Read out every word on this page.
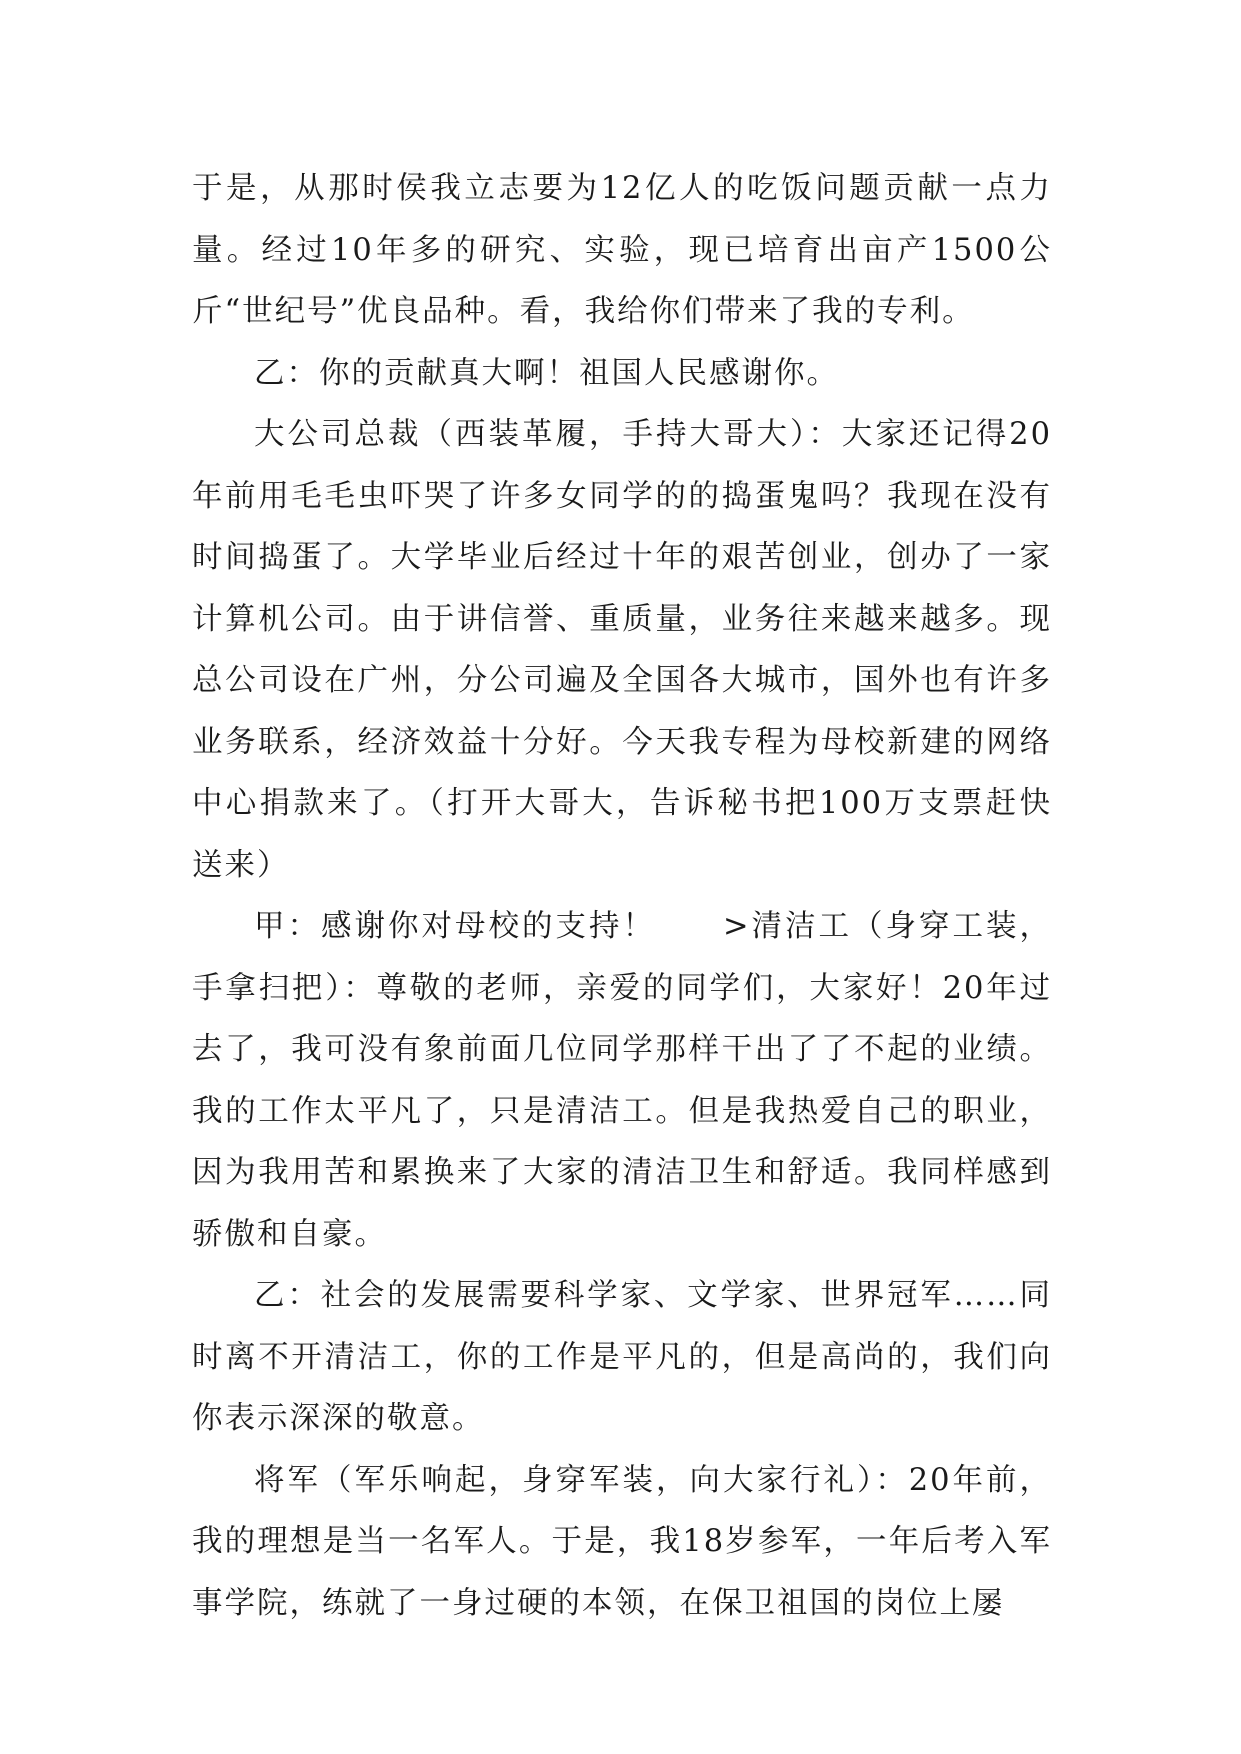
于是，从那时侯我立志要为12亿人的吃饭问题贡献一点力量。经过10年多的研究、实验，现已培育出亩产1500公斤“世纪号”优良品种。看，我给你们带来了我的专利。

乙：你的贡献真大啊！祖国人民感谢你。

大公司总裁（西装革履，手持大哥大）：大家还记得20年前用毛毛虫吓哭了许多女同学的的捣蛋鬼吗？我现在没有时间捣蛋了。大学毕业后经过十年的艰苦创业，创办了一家计算机公司。由于讲信誉、重质量，业务往来越来越多。现总公司设在广州，分公司遍及全国各大城市，国外也有许多业务联系，经济效益十分好。今天我专程为母校新建的网络中心捐款来了。（打开大哥大，告诉秘书把100万支票赶快送来）

甲：感谢你对母校的支持！　　>清洁工（身穿工装，手拿扫把）：尊敬的老师，亲爱的同学们，大家好！20年过去了，我可没有象前面几位同学那样干出了了不起的业绩。我的工作太平凡了，只是清洁工。但是我热爱自己的职业，因为我用苦和累换来了大家的清洁卫生和舒适。我同样感到骄傲和自豪。

乙：社会的发展需要科学家、文学家、世界冠军……同时离不开清洁工，你的工作是平凡的，但是高尚的，我们向你表示深深的敬意。

将军（军乐响起，身穿军装，向大家行礼）：20年前，我的理想是当一名军人。于是，我18岁参军，一年后考入军事学院，练就了一身过硬的本领，在保卫祖国的岗位上屡
